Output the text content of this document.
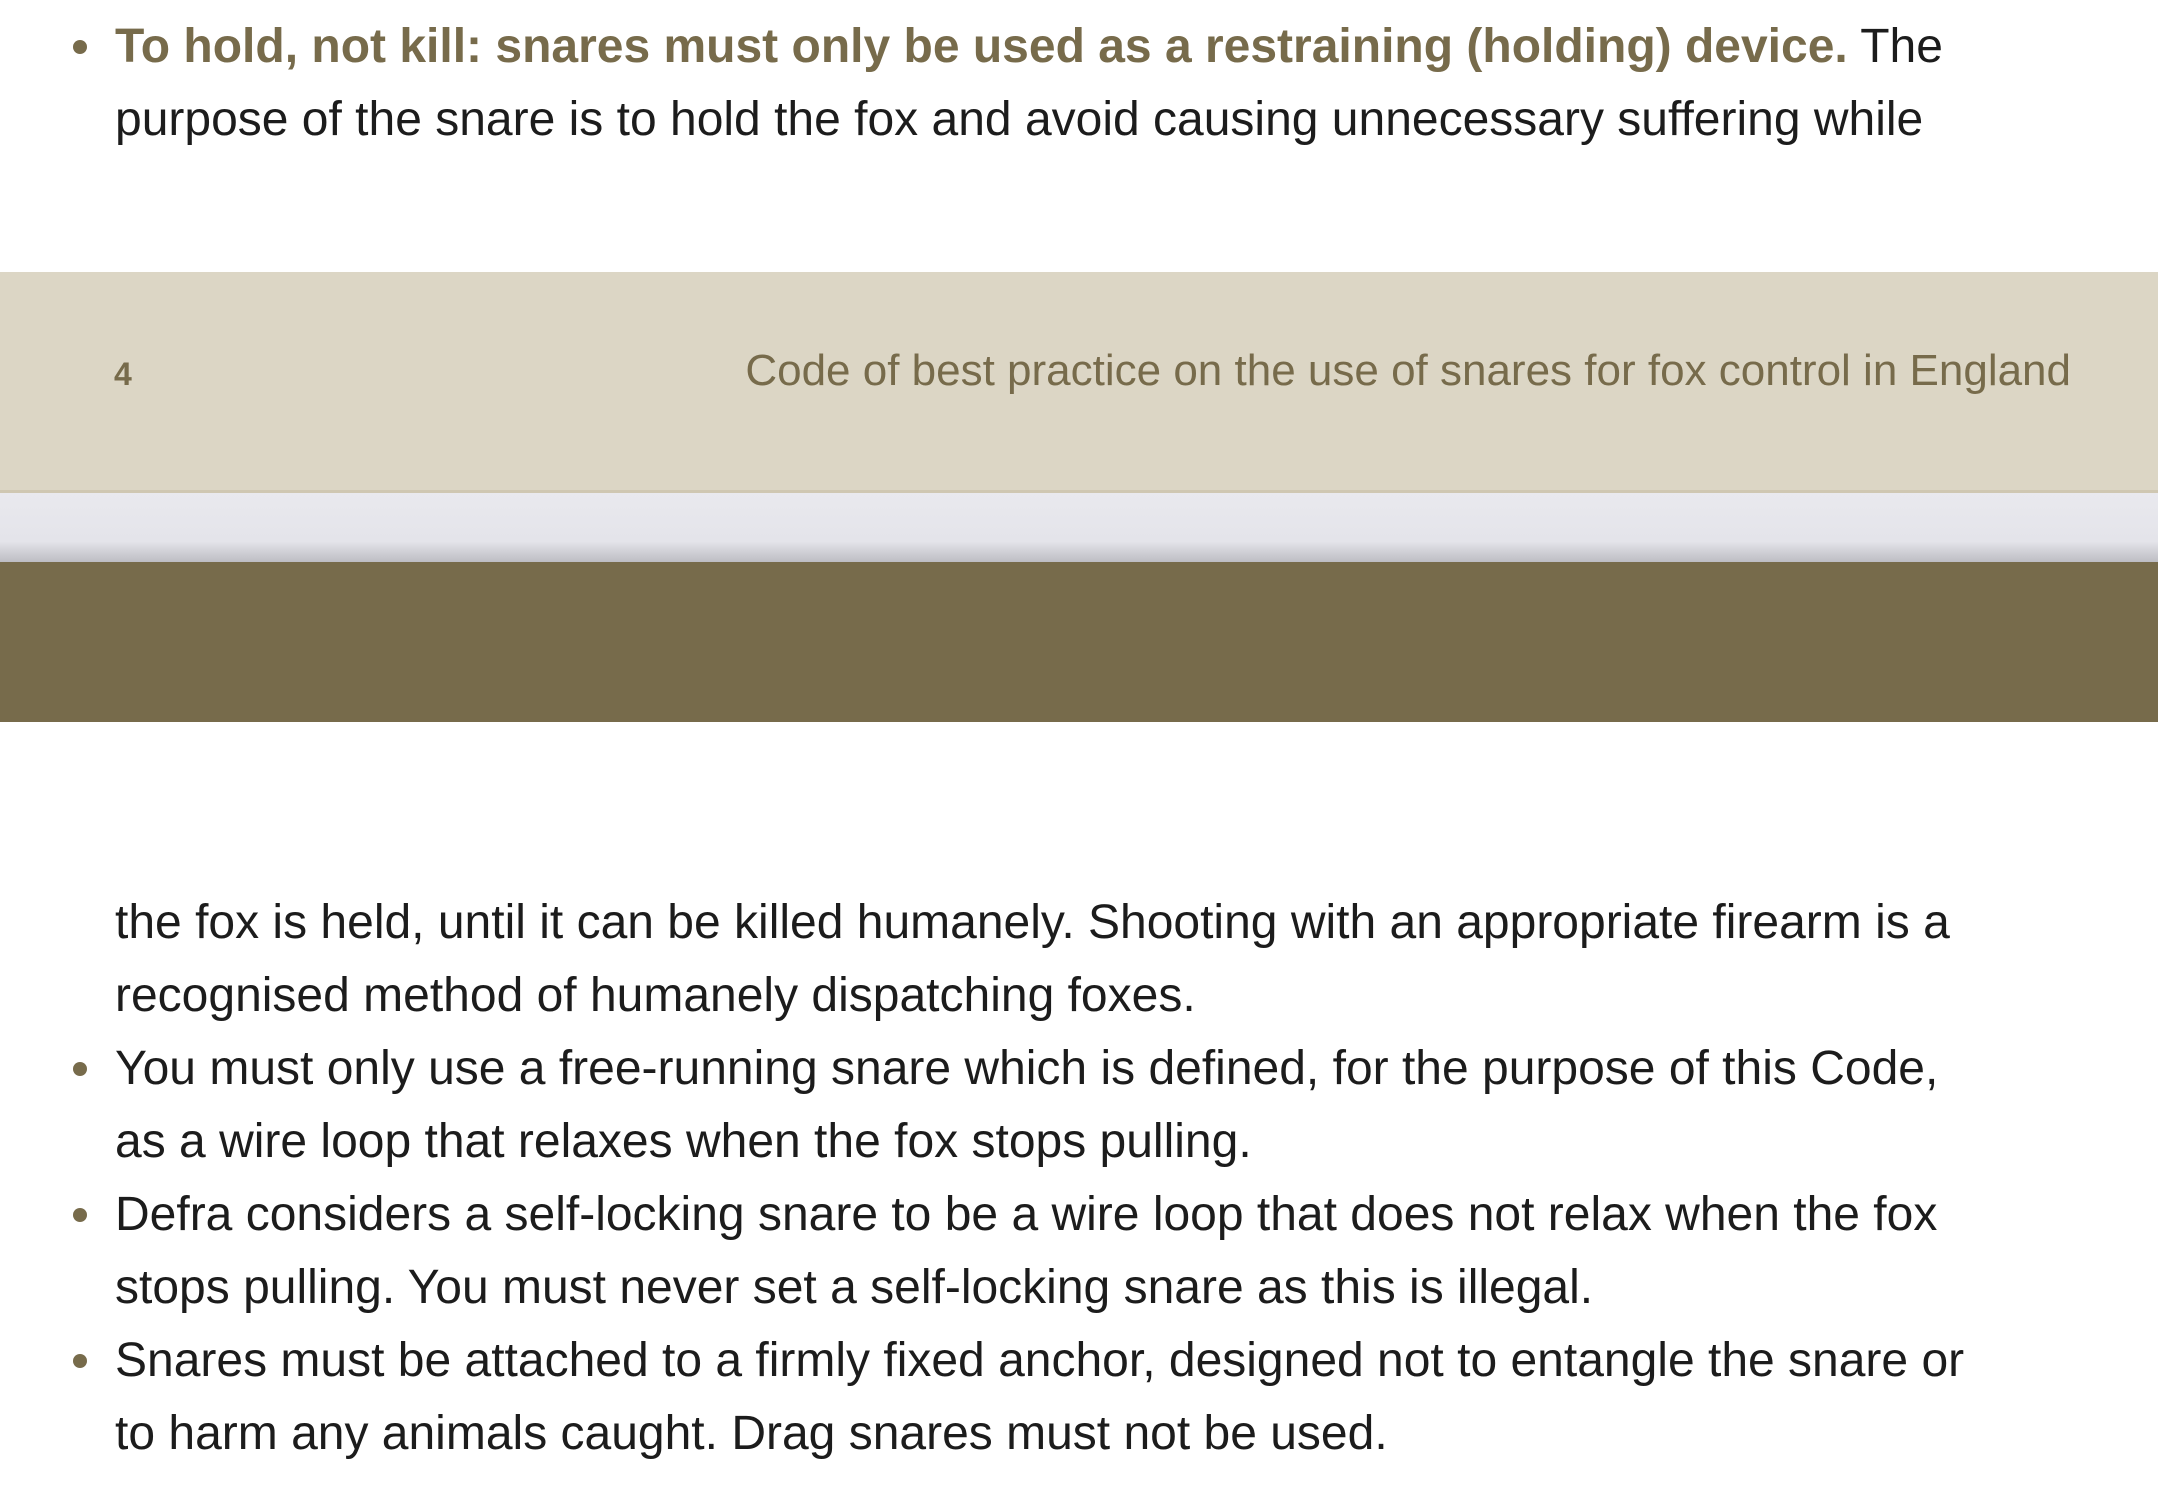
To hold, not kill: snares must only be used as a restraining (holding) device. The
purpose of the snare is to hold the fox and avoid causing unnecessary suffering while
4	Code of best practice on the use of snares for fox control in England
the fox is held, until it can be killed humanely. Shooting with an appropriate firearm is a
recognised method of humanely dispatching foxes.
You must only use a free-running snare which is defined, for the purpose of this Code,
as a wire loop that relaxes when the fox stops pulling.
Defra considers a self-locking snare to be a wire loop that does not relax when the fox
stops pulling. You must never set a self-locking snare as this is illegal.
Snares must be attached to a firmly fixed anchor, designed not to entangle the snare or
to harm any animals caught. Drag snares must not be used.
